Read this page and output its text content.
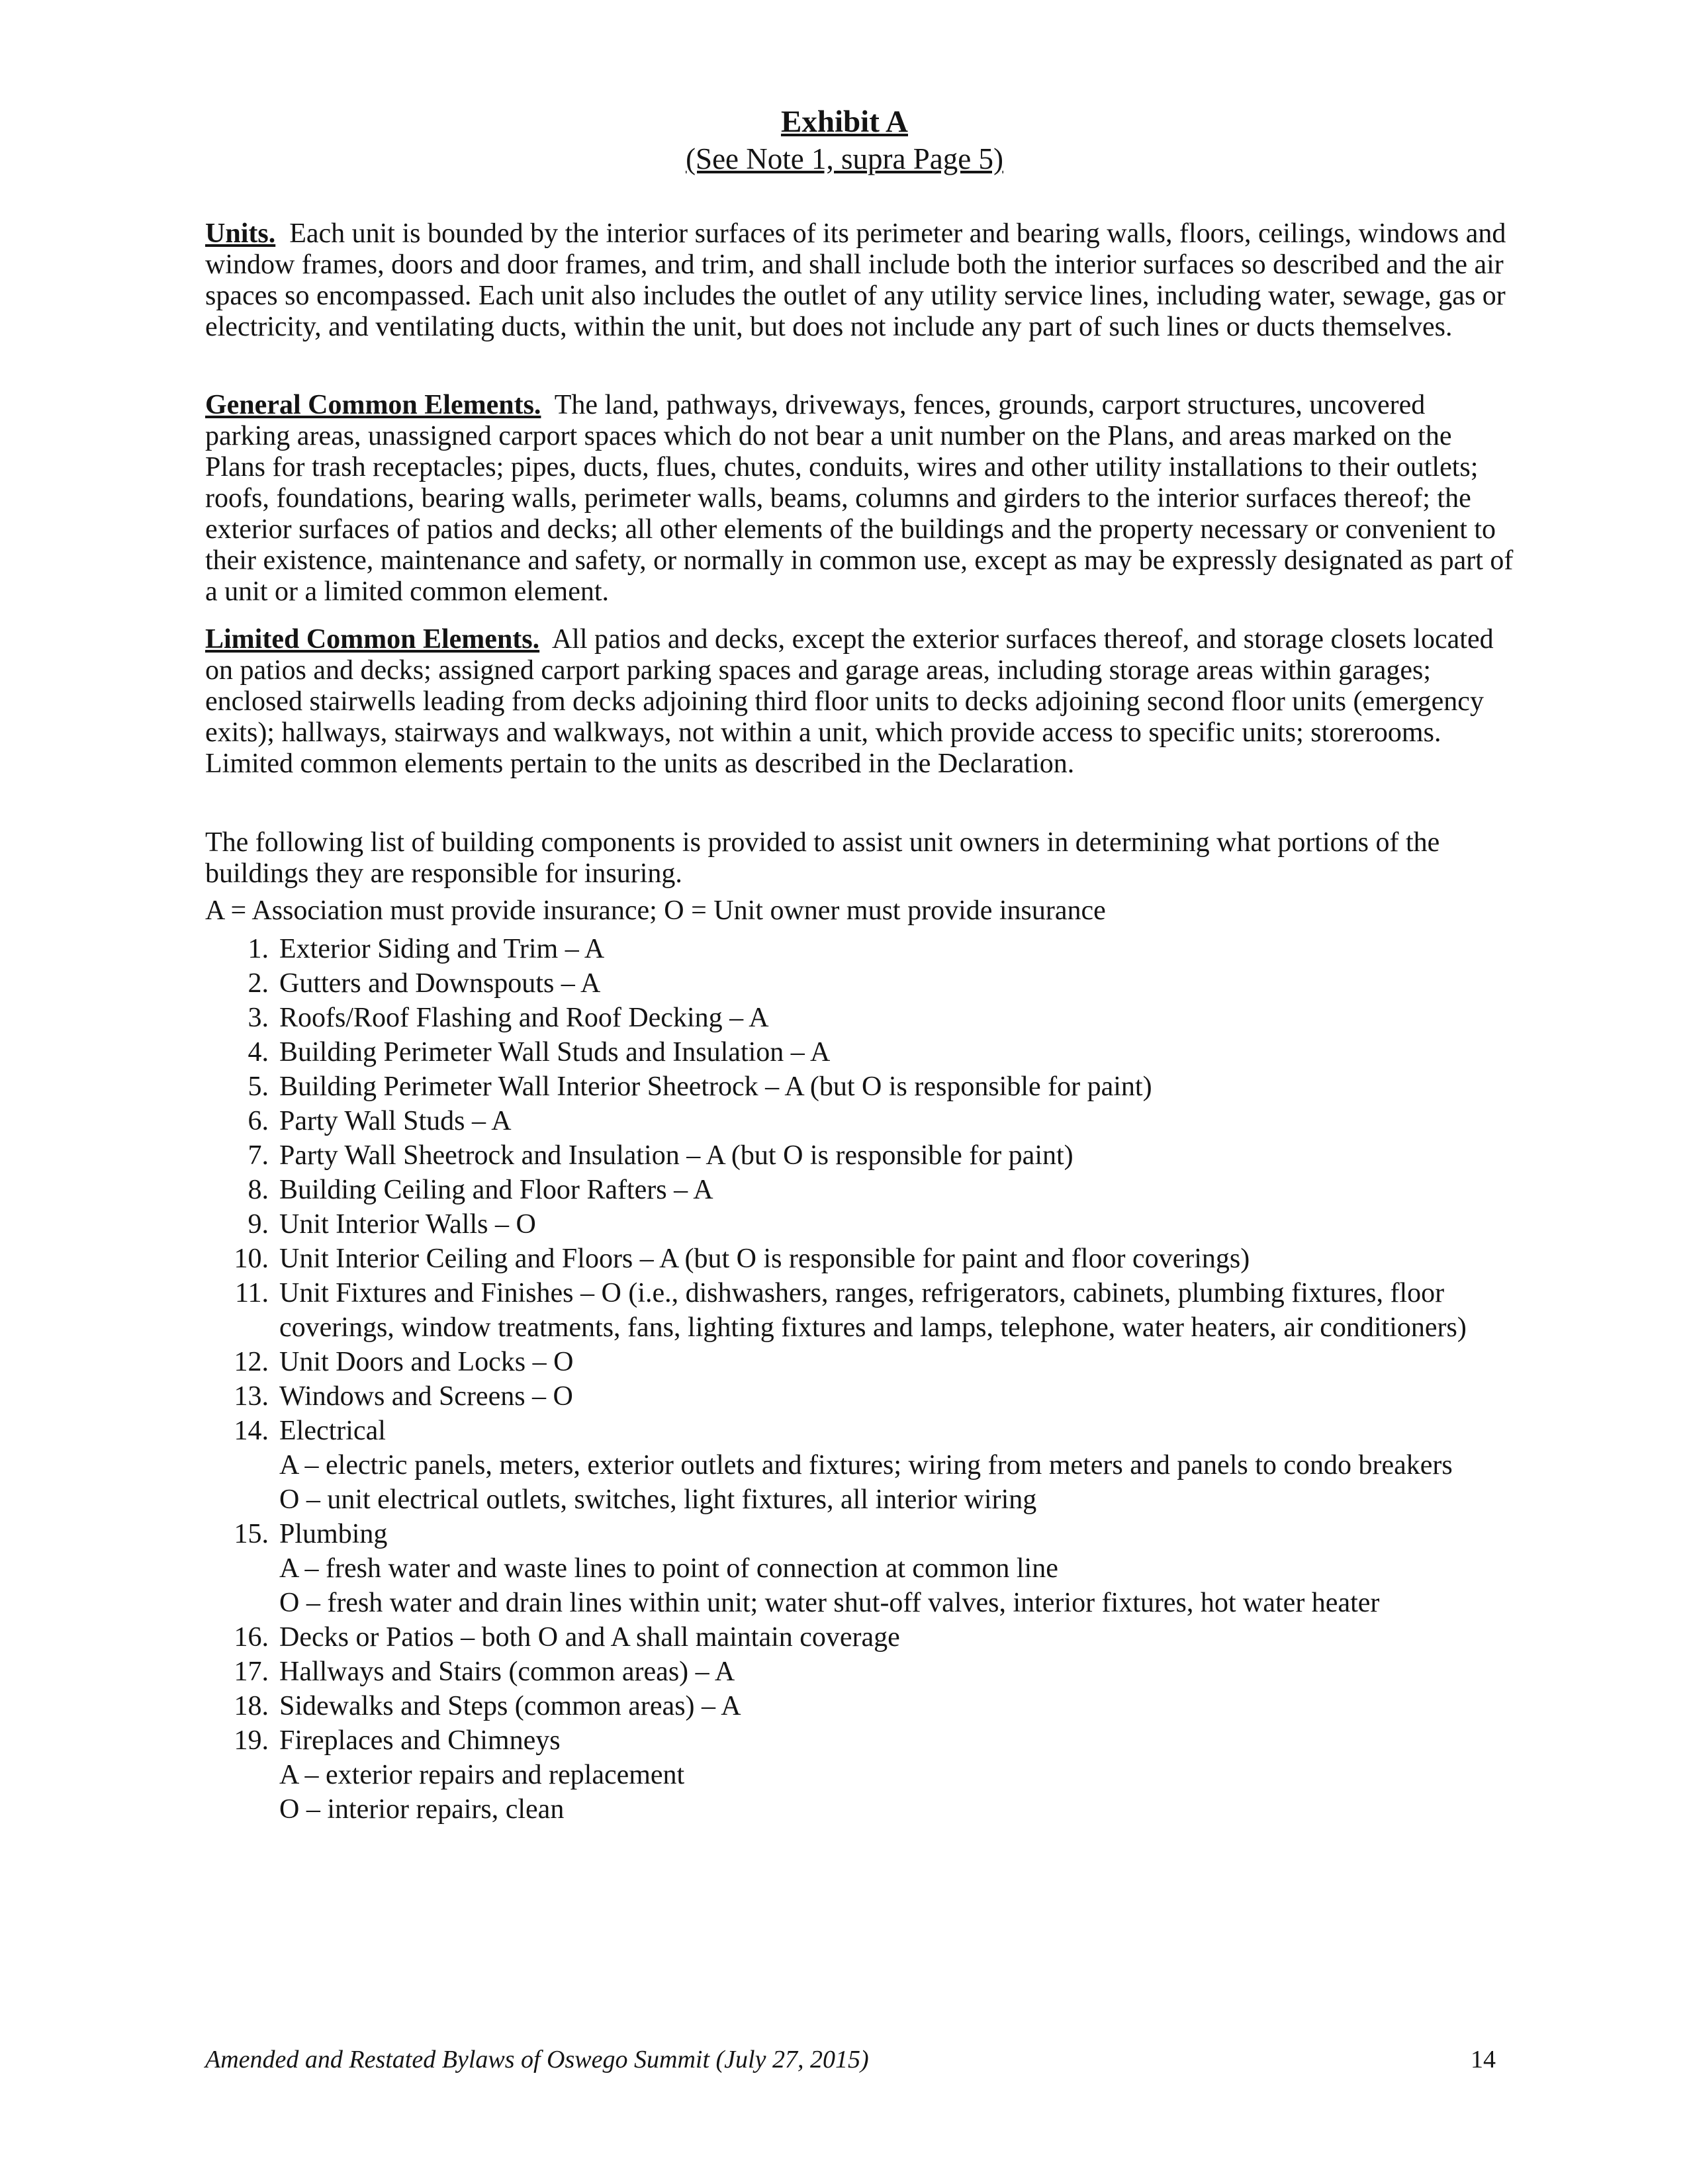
Exhibit A
(See Note 1, supra Page 5)

Units. Each unit is bounded by the interior surfaces of its perimeter and bearing walls, floors, ceilings, windows and window frames, doors and door frames, and trim, and shall include both the interior surfaces so described and the air spaces so encompassed. Each unit also includes the outlet of any utility service lines, including water, sewage, gas or electricity, and ventilating ducts, within the unit, but does not include any part of such lines or ducts themselves.

General Common Elements. The land, pathways, driveways, fences, grounds, carport structures, uncovered parking areas, unassigned carport spaces which do not bear a unit number on the Plans, and areas marked on the Plans for trash receptacles; pipes, ducts, flues, chutes, conduits, wires and other utility installations to their outlets; roofs, foundations, bearing walls, perimeter walls, beams, columns and girders to the interior surfaces thereof; the exterior surfaces of patios and decks; all other elements of the buildings and the property necessary or convenient to their existence, maintenance and safety, or normally in common use, except as may be expressly designated as part of a unit or a limited common element.

Limited Common Elements. All patios and decks, except the exterior surfaces thereof, and storage closets located on patios and decks; assigned carport parking spaces and garage areas, including storage areas within garages; enclosed stairwells leading from decks adjoining third floor units to decks adjoining second floor units (emergency exits); hallways, stairways and walkways, not within a unit, which provide access to specific units; storerooms. Limited common elements pertain to the units as described in the Declaration.

The following list of building components is provided to assist unit owners in determining what portions of the buildings they are responsible for insuring.

A = Association must provide insurance; O = Unit owner must provide insurance

1. Exterior Siding and Trim – A
2. Gutters and Downspouts – A
3. Roofs/Roof Flashing and Roof Decking – A
4. Building Perimeter Wall Studs and Insulation – A
5. Building Perimeter Wall Interior Sheetrock – A (but O is responsible for paint)
6. Party Wall Studs – A
7. Party Wall Sheetrock and Insulation – A (but O is responsible for paint)
8. Building Ceiling and Floor Rafters – A
9. Unit Interior Walls – O
10. Unit Interior Ceiling and Floors – A (but O is responsible for paint and floor coverings)
11. Unit Fixtures and Finishes – O (i.e., dishwashers, ranges, refrigerators, cabinets, plumbing fixtures, floor coverings, window treatments, fans, lighting fixtures and lamps, telephone, water heaters, air conditioners)
12. Unit Doors and Locks – O
13. Windows and Screens – O
14. Electrical
A – electric panels, meters, exterior outlets and fixtures; wiring from meters and panels to condo breakers
O – unit electrical outlets, switches, light fixtures, all interior wiring
15. Plumbing
A – fresh water and waste lines to point of connection at common line
O – fresh water and drain lines within unit; water shut-off valves, interior fixtures, hot water heater
16. Decks or Patios – both O and A shall maintain coverage
17. Hallways and Stairs (common areas) – A
18. Sidewalks and Steps (common areas) – A
19. Fireplaces and Chimneys
A – exterior repairs and replacement
O – interior repairs, clean
Amended and Restated Bylaws of Oswego Summit (July 27, 2015)	14
